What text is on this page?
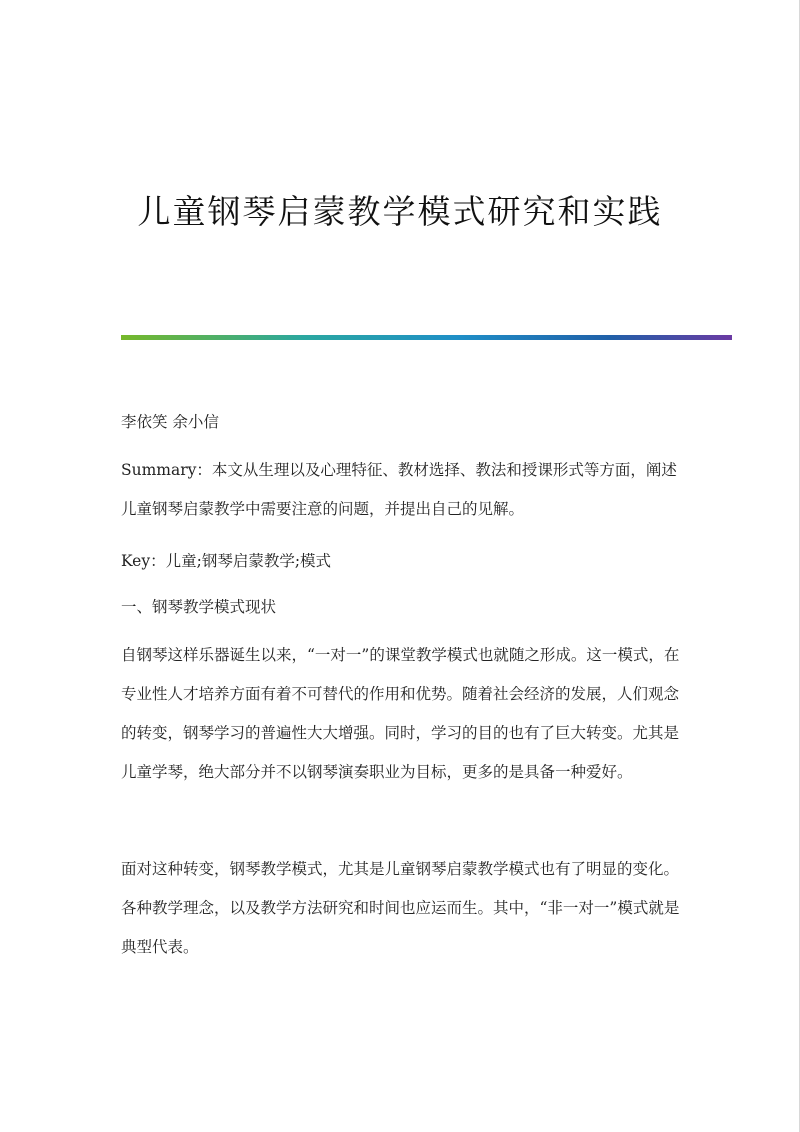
儿童钢琴启蒙教学模式研究和实践

李依笑 余小信

Summary：本文从生理以及心理特征、教材选择、教法和授课形式等方面，阐述儿童钢琴启蒙教学中需要注意的问题，并提出自己的见解。

Key：儿童;钢琴启蒙教学;模式

一、钢琴教学模式现状

自钢琴这样乐器诞生以来，“一对一”的课堂教学模式也就随之形成。这一模式，在专业性人才培养方面有着不可替代的作用和优势。随着社会经济的发展，人们观念的转变，钢琴学习的普遍性大大增强。同时，学习的目的也有了巨大转变。尤其是儿童学琴，绝大部分并不以钢琴演奏职业为目标，更多的是具备一种爱好。

面对这种转变，钢琴教学模式，尤其是儿童钢琴启蒙教学模式也有了明显的变化。各种教学理念，以及教学方法研究和时间也应运而生。其中，“非一对一”模式就是典型代表。
